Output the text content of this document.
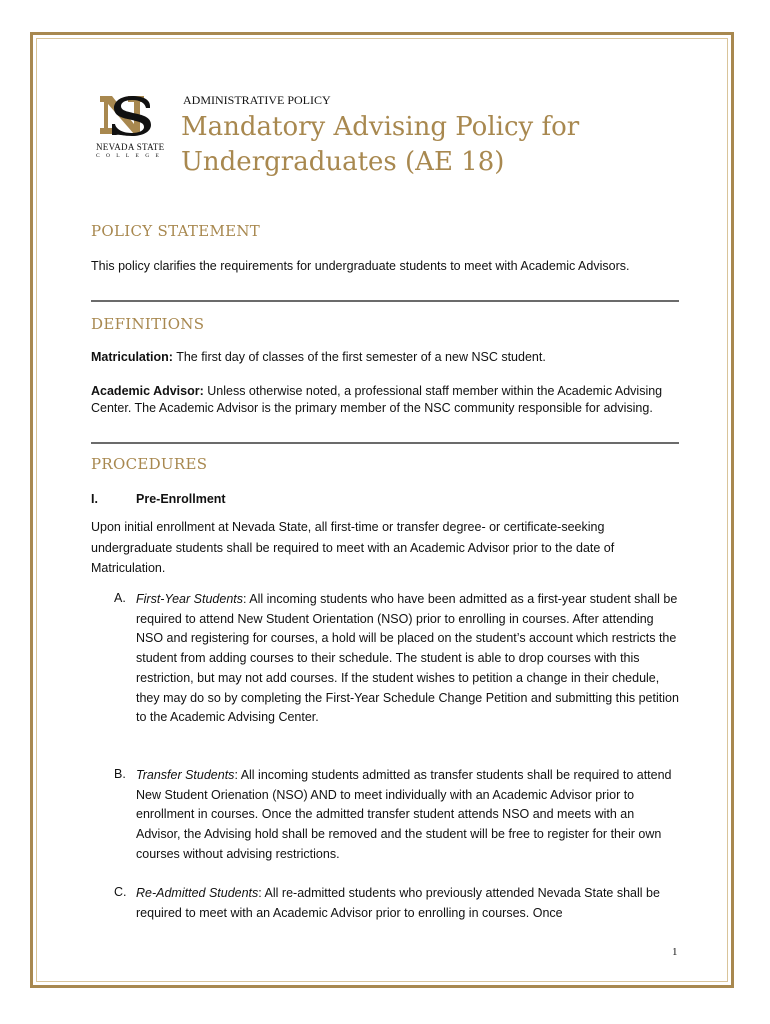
NEVADA STATE
COLLEGE
ADMINISTRATIVE POLICY
Mandatory Advising Policy for
Undergraduates (AE 18)
POLICY STATEMENT

This policy clarifies the requirements for undergraduate students to meet with Academic Advisors.

DEFINITIONS

Matriculation: The first day of classes of the first semester of a new NSC student.

Academic Advisor: Unless otherwise noted, a professional staff member within the Academic Advising Center. The Academic Advisor is the primary member of the NSC community responsible for advising.

PROCEDURES
I.	Pre-Enrollment

Upon initial enrollment at Nevada State, all first-time or transfer degree- or certificate-seeking undergraduate students shall be required to meet with an Academic Advisor prior to the date of Matriculation.

A. First-Year Students: All incoming students who have been admitted as a first-year student shall be required to attend New Student Orientation (NSO) prior to enrolling in courses. After attending NSO and registering for courses, a hold will be placed on the student’s account which restricts the student from adding courses to their schedule. The student is able to drop courses with this restriction, but may not add courses. If the student wishes to petition a change in their chedule, they may do so by completing the First-Year Schedule Change Petition and submitting this petition to the Academic Advising Center.

B. Transfer Students: All incoming students admitted as transfer students shall be required to attend New Student Orienation (NSO) AND to meet individually with an Academic Advisor prior to enrollment in courses. Once the admitted transfer student attends NSO and meets with an Advisor, the Advising hold shall be removed and the student will be free to register for their own courses without advising restrictions.

C. Re-Admitted Students: All re-admitted students who previously attended Nevada State shall be required to meet with an Academic Advisor prior to enrolling in courses. Once

1
